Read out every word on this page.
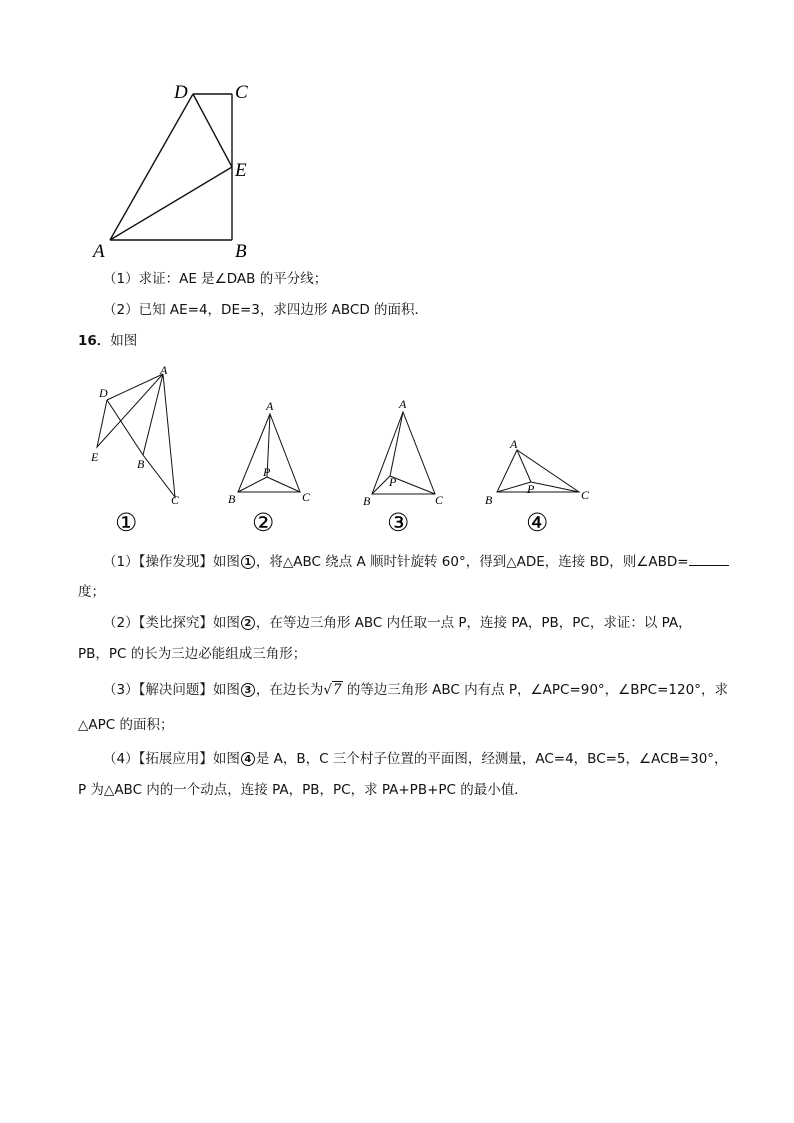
D C
E
A	B
（1）求证：AE 是∠DAB 的平分线；
（2）已知 AE=4，DE=3，求四边形 ABCD 的面积．
16．如图
D
A
E	B
C
A
P
B	C
A
P
B	C
A
P
B	C
①	②	③	④
（1）【操作发现】如图 1 ，将△ABC 绕点 A 顺时针旋转 60°，得到△ADE，连接 BD，则∠ABD=
度；
（2）【类比探究】如图 2 ，在等边三角形 ABC 内任取一点 P，连接 PA，PB，PC，求证：以 PA，
PB，PC 的长为三边必能组成三角形；
（3）【解决问题】如图 3 ，在边长为√7 的等边三角形 ABC 内有点 P，∠APC=90°，∠BPC=120°，求
△APC 的面积；
（4）【拓展应用】如图 4 是 A，B，C 三个村子位置的平面图，经测量，AC=4，BC=5，∠ACB=30°，
P 为△ABC 内的一个动点，连接 PA，PB，PC，求 PA+PB+PC 的最小值．
